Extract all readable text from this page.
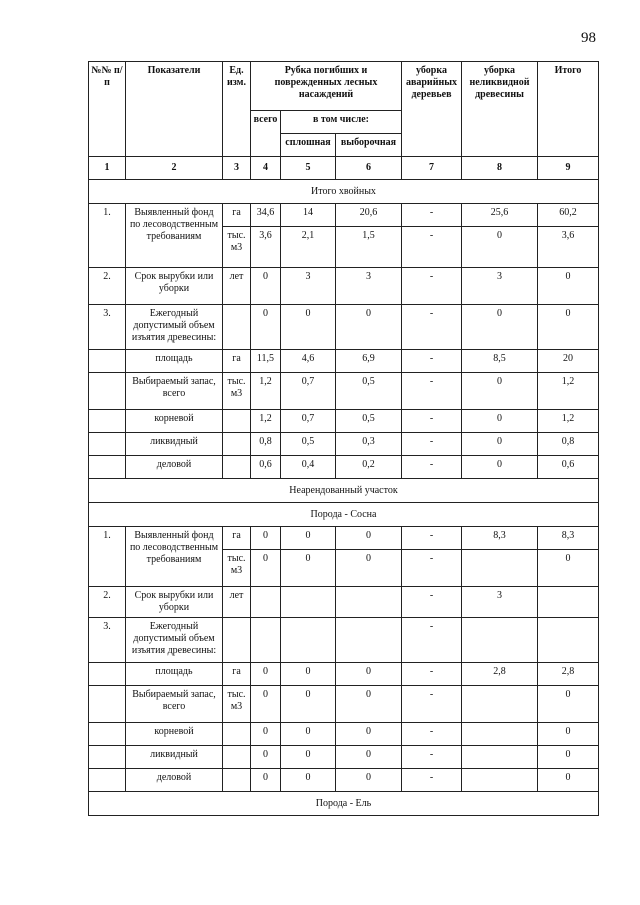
98
№№ п/п	Показатели	Ед. изм.	Рубка погибших и поврежденных лесных насаждений			уборка аварийных деревьев	уборка неликвидной древесины	Итого
			всего	в том числе:				
				сплошная	выборочная			
1	2	3	4	5	6	7	8	9
Итого хвойных								
1.	Выявленный фонд по лесоводственным требованиям	га	34,6	14	20,6	-	25,6	60,2
		тыс. м3	3,6	2,1	1,5	-	0	3,6
2.	Срок вырубки или уборки	лет	0	3	3	-	3	0
3.	Ежегодный допустимый объем изъятия древесины:		0	0	0	-	0	0
	площадь	га	11,5	4,6	6,9	-	8,5	20
	Выбираемый запас, всего	тыс. м3	1,2	0,7	0,5	-	0	1,2
	корневой		1,2	0,7	0,5	-	0	1,2
	ликвидный		0,8	0,5	0,3	-	0	0,8
	деловой		0,6	0,4	0,2	-	0	0,6
Неарендованный участок								
Порода - Сосна								
1.	Выявленный фонд по лесоводственным требованиям	га	0	0	0	-	8,3	8,3
		тыс. м3	0	0	0	-		0
2.	Срок вырубки или уборки	лет				-	3	
3.	Ежегодный допустимый объем изъятия древесины:					-		
	площадь	га	0	0	0	-	2,8	2,8
	Выбираемый запас, всего	тыс. м3	0	0	0	-		0
	корневой		0	0	0	-		0
	ликвидный		0	0	0	-		0
	деловой		0	0	0	-		0
Порода - Ель								
